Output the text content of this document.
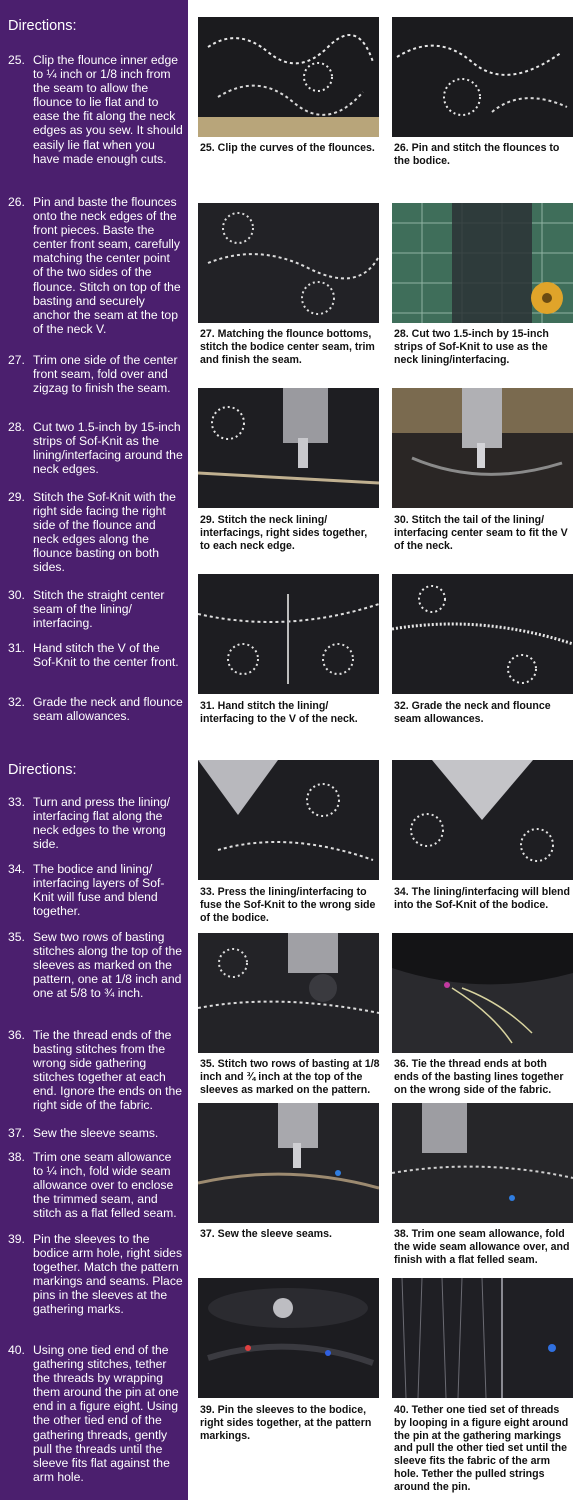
Directions:
25. Clip the flounce inner edge to ¼ inch or 1/8 inch from the seam to allow the flounce to lie flat and to ease the fit along the neck edges as you sew. It should easily lie flat when you have made enough cuts.
26. Pin and baste the flounces onto the neck edges of the front pieces. Baste the center front seam, carefully matching the center point of the two sides of the flounce. Stitch on top of the basting and securely anchor the seam at the top of the neck V.
27. Trim one side of the center front seam, fold over and zigzag to finish the seam.
28. Cut two 1.5-inch by 15-inch strips of Sof-Knit as the lining/interfacing around the neck edges.
29. Stitch the Sof-Knit with the right side facing the right side of the flounce and neck edges along the flounce basting on both sides.
30. Stitch the straight center seam of the lining/ interfacing.
31. Hand stitch the V of the Sof-Knit to the center front.
32. Grade the neck and flounce seam allowances.
Directions:
33. Turn and press the lining/ interfacing flat along the neck edges to the wrong side.
34. The bodice and lining/ interfacing layers of Sof-Knit will fuse and blend together.
35. Sew two rows of basting stitches along the top of the sleeves as marked on the pattern, one at 1/8 inch and one at 5/8 to ¾ inch.
36. Tie the thread ends of the basting stitches from the wrong side gathering stitches together at each end. Ignore the ends on the right side of the fabric.
37. Sew the sleeve seams.
38. Trim one seam allowance to ¼ inch, fold wide seam allowance over to enclose the trimmed seam, and stitch as a flat felled seam.
39. Pin the sleeves to the bodice arm hole, right sides together. Match the pattern markings and seams. Place pins in the sleeves at the gathering marks.
40. Using one tied end of the gathering stitches, tether the threads by wrapping them around the pin at one end in a figure eight. Using the other tied end of the gathering threads, gently pull the threads until the sleeve fits flat against the arm hole.
25. Clip the curves of the flounces.	26. Pin and stitch the flounces to the bodice.
27. Matching the flounce bottoms, stitch the bodice center seam, trim and finish the seam.
28. Cut two 1.5-inch by 15-inch strips of Sof-Knit to use as the neck lining/interfacing.
29. Stitch the neck lining/ interfacings, right sides together, to each neck edge.
30. Stitch the tail of the lining/ interfacing center seam to fit the V of the neck.
31. Hand stitch the lining/ interfacing to the V of the neck.
32. Grade the neck and flounce seam allowances.
33. Press the lining/interfacing to fuse the Sof-Knit to the wrong side of the bodice.
34. The lining/interfacing will blend into the Sof-Knit of the bodice.
35. Stitch two rows of basting at 1/8 inch and ¾ inch at the top of the sleeves as marked on the pattern.
36. Tie the thread ends at both ends of the basting lines together on the wrong side of the fabric.
37. Sew the sleeve seams.	38. Trim one seam allowance, fold the wide seam allowance over, and finish with a flat felled seam.
39. Pin the sleeves to the bodice, right sides together, at the pattern markings.
40. Tether one tied set of threads by looping in a figure eight around the pin at the gathering markings and pull the other tied set until the sleeve fits the fabric of the arm hole. Tether the pulled strings around the pin.
